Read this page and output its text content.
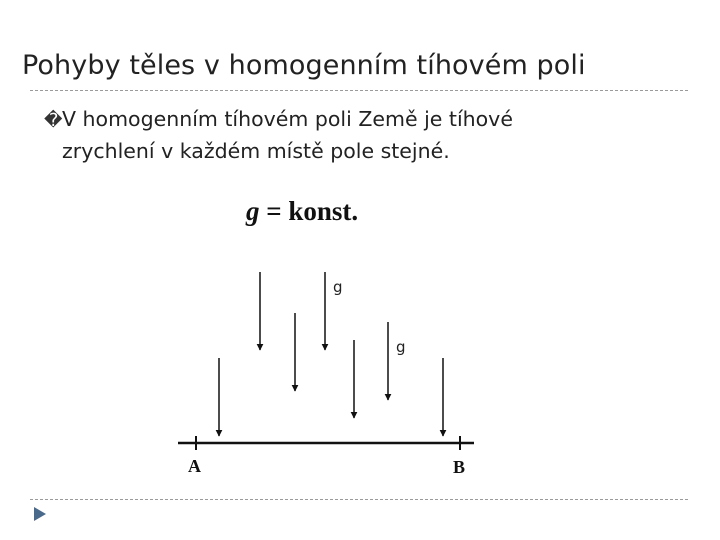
Pohyby těles v homogenním tíhovém poli
�V homogenním tíhovém poli Země je tíhové
zrychlení v každém místě pole stejné.
g = konst.
g
g
A	B
